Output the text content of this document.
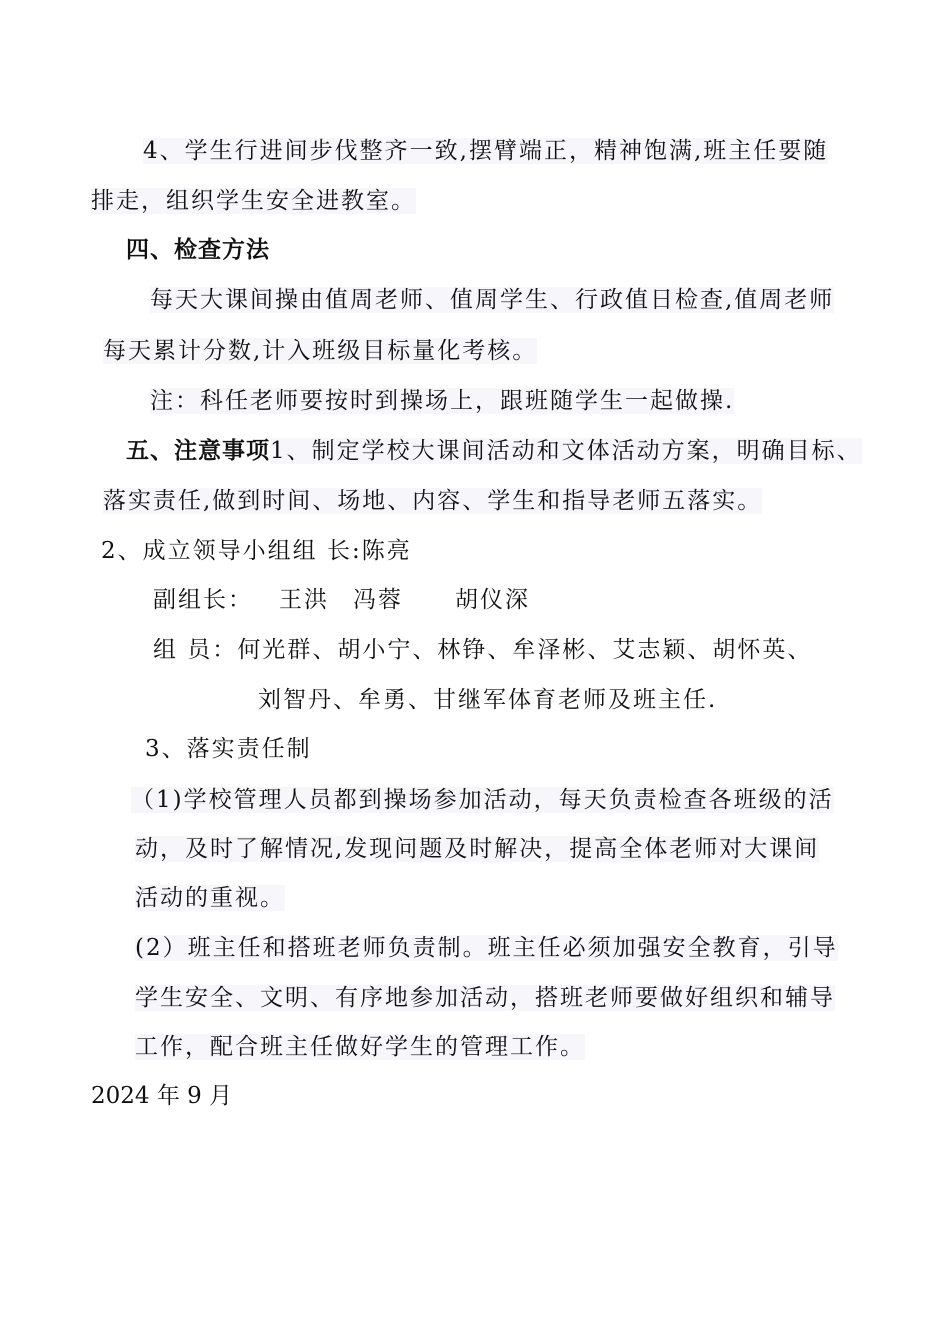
4、学生行进间步伐整齐一致,摆臂端正，精神饱满,班主任要随
排走，组织学生安全进教室。
四、检查方法
每天大课间操由值周老师、值周学生、行政值日检查,值周老师
每天累计分数,计入班级目标量化考核。
注：科任老师要按时到操场上，跟班随学生一起做操.
五、注意事项1、制定学校大课间活动和文体活动方案，明确目标、
落实责任,做到时间、场地、内容、学生和指导老师五落实。
2、成立领导小组组 长:陈亮
副组长： 王洪 冯蓉 胡仪深
组 员：何光群、胡小宁、林铮、牟泽彬、艾志颖、胡怀英、
刘智丹、牟勇、甘继军体育老师及班主任.
3、落实责任制
（1)学校管理人员都到操场参加活动，每天负责检查各班级的活
动，及时了解情况,发现问题及时解决，提高全体老师对大课间
活动的重视。
(2）班主任和搭班老师负责制。班主任必须加强安全教育，引导
学生安全、文明、有序地参加活动，搭班老师要做好组织和辅导
工作，配合班主任做好学生的管理工作。
2024 年 9 月
